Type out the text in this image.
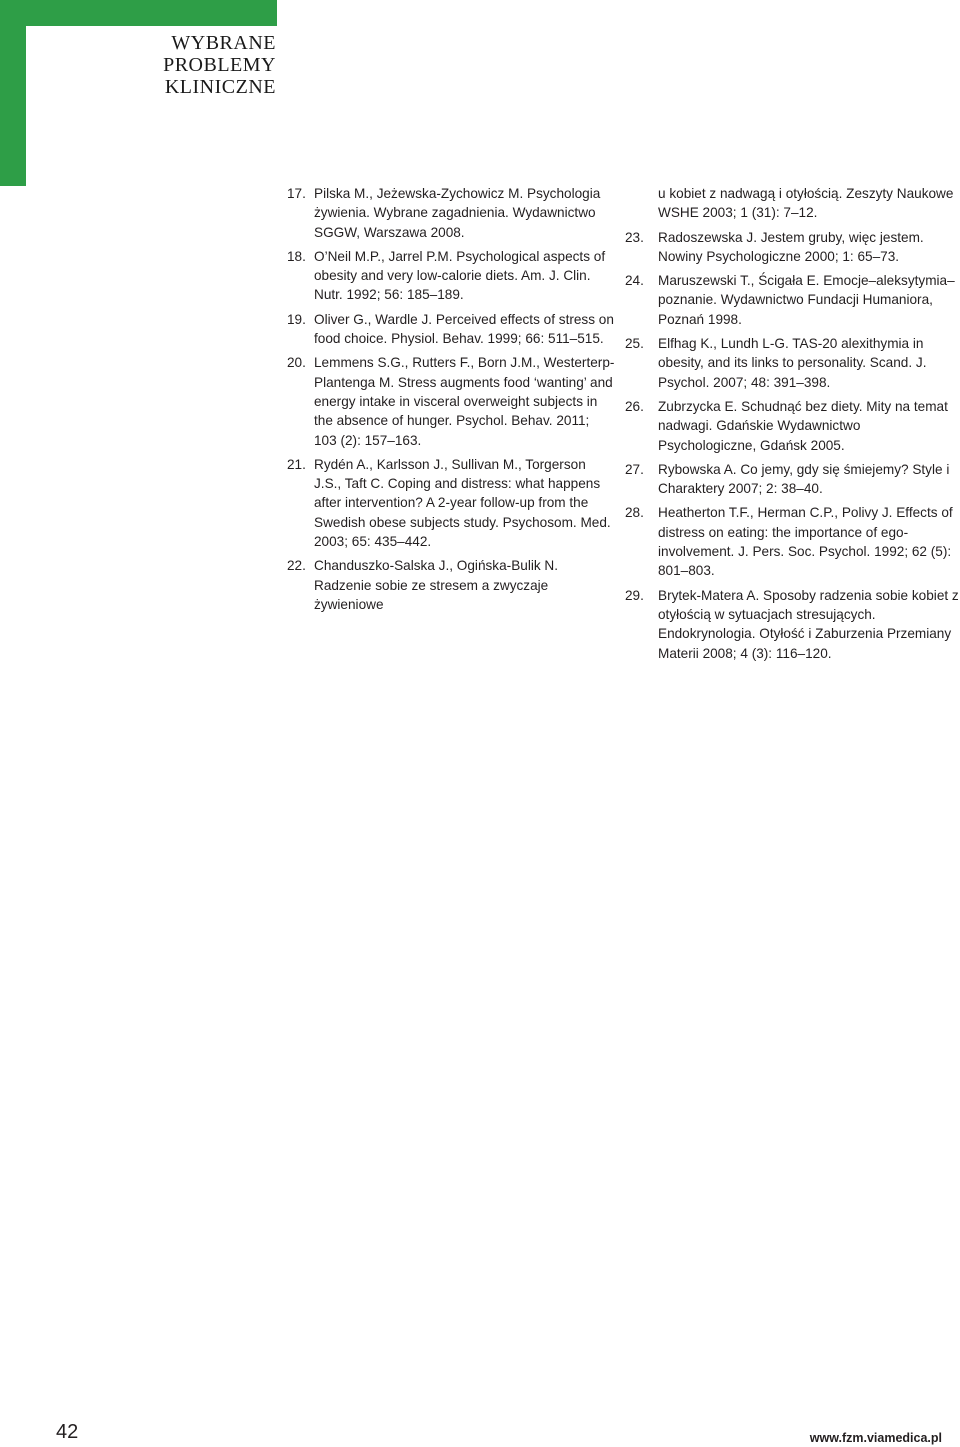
WYBRANE
PROBLEMY
KLINICZNE
17. Pilska M., Jeżewska-Zychowicz M. Psychologia żywienia. Wybrane zagadnienia. Wydawnictwo SGGW, Warszawa 2008.
18. O’Neil M.P., Jarrel P.M. Psychological aspects of obesity and very low-calorie diets. Am. J. Clin. Nutr. 1992; 56: 185–189.
19. Oliver G., Wardle J. Perceived effects of stress on food choice. Physiol. Behav. 1999; 66: 511–515.
20. Lemmens S.G., Rutters F., Born J.M., Westerterp-Plantenga M. Stress augments food ‘wanting’ and energy intake in visceral overweight subjects in the absence of hunger. Psychol. Behav. 2011; 103 (2): 157–163.
21. Rydén A., Karlsson J., Sullivan M., Torgerson J.S., Taft C. Coping and distress: what happens after intervention? A 2-year follow-up from the Swedish obese subjects study. Psychosom. Med. 2003; 65: 435–442.
22. Chanduszko-Salska J., Ogińska-Bulik N. Radzenie sobie ze stresem a zwyczaje żywieniowe
u kobiet z nadwagą i otyłością. Zeszyty Naukowe WSHE 2003; 1 (31): 7–12.
23.	Radoszewska J. Jestem gruby, więc jestem. Nowiny Psychologiczne 2000; 1: 65–73.
24.	Maruszewski T., Ścigała E. Emocje–aleksytymia–poznanie. Wydawnictwo Fundacji Humaniora, Poznań 1998.
25.	Elfhag K., Lundh L-G. TAS-20 alexithymia in obesity, and its links to personality. Scand. J. Psychol. 2007; 48: 391–398.
26.	Zubrzycka E. Schudnąć bez diety. Mity na temat nadwagi. Gdańskie Wydawnictwo Psychologiczne, Gdańsk 2005.
27.	Rybowska A. Co jemy, gdy się śmiejemy? Style i Charaktery 2007; 2: 38–40.
28.	Heatherton T.F., Herman C.P., Polivy J. Effects of distress on eating: the importance of ego-involvement. J. Pers. Soc. Psychol. 1992; 62 (5): 801–803.
29.	Brytek-Matera A. Sposoby radzenia sobie kobiet z otyłością w sytuacjach stresujących. Endokrynologia. Otyłość i Zaburzenia Przemiany Materii 2008; 4 (3): 116–120.
42	www.fzm.viamedica.pl
